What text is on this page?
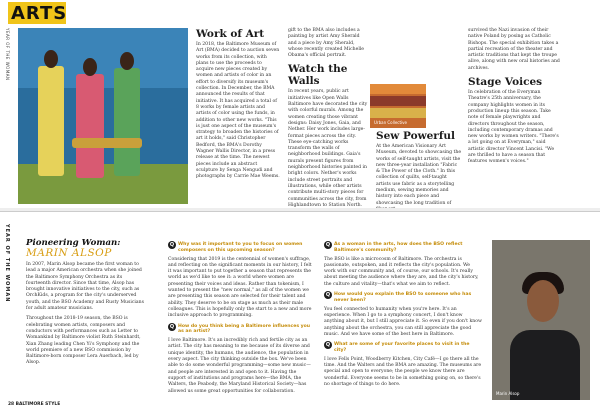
YEAR OF THE WOMAN
ARTS
Work of Art
In 2018, the Baltimore Museum of Art (BMA) decided to auction seven works from its collection, with plans to use the proceeds to acquire new pieces created by women and artists of color in an effort to diversify its museum's collection. In December, the BMA announced the results of that initiative. It has acquired a total of 8 works by female artists and artists of color using the funds, in addition to other new works. "This is just one aspect of the museum's strategy to broaden the histories of art it holds," said Christopher Bedford, the BMA's Dorothy Wagner Wallis Director, in a press release at the time. The newest pieces include an abstract sculpture by Senga Nengudi and photographs by Carrie Mae Weems.
gift to the BMA also includes a painting by artist Amy Sherald and a piece by Amy Sherald, whose recently created Michelle Obama's official portrait.
Watch the Walls
In recent years, public art initiatives like Open Walls Baltimore have decorated the city with colorful murals. Among the women creating those vibrant designs: Daisy Jones, Gaia, and Nether. Her work includes large-format pieces across the city. These eye-catching works transform the walls of neighborhood buildings. Gaia's murals present figures from neighborhood histories painted in bright colors. Nether's works include street portraits and illustrations, while other artists contribute multi-story pieces for communities across the city, from Highlandtown to Station North.
Urban Collective
Sew Powerful
At the American Visionary Art Museum, devoted to showcasing the works of self-taught artists, visit the new three-year installation "Fabric & The Power of the Cloth." In this collection of quilts, self-taught artists use fabric as a storytelling medium, sewing memories and history into each piece and showcasing the long tradition of
survived the Nazi invasion of their native Poland by posing as Catholic Bishops. The special exhibition takes a partial recreation of the theater and artistic traditions that kept the troupe alive, along with new oral histories and archives.
Stage Voices
In celebration of the Everyman Theatre's 25th anniversary, the company highlights women in its production lineup this season. Take note of female playwrights and directors throughout the season, including contemporary dramas and new works by women writers. "There's a lot going on at Everyman," said artistic director Vincent Lancisi. "We are thrilled to have a season that features women's voices."
YEAR OF THE WOMAN Pioneering Woman:
MARIN ALSOP
In 2007, Marin Alsop became the first woman to lead a major American orchestra when she joined the Baltimore Symphony Orchestra as its fourteenth director. Since that time, Alsop has brought innovative initiatives to the city, such as OrchKids, a program for the city's underserved youth, and the BSO Academy and Rusty Musicians for adult amateur musicians.
Throughout the 2018-19 season, the BSO is celebrating women artists, composers and conductors with performances such as Letter to Womankind by Baltimore violist Ruth Steinhardt, Xian Zhang leading Chen Yi's Symphony and the world premiere of a new BSO commission by Baltimore-born composer Lera Auerbach, led by Alsop.
Q Why was it important to you to focus on women composers on this upcoming season?
Considering that 2019 is the centennial of women's suffrage, and reflecting on the significant moments in our history, I felt it was important to put together a season that represents the world as we'd like to see it: a world where women are presenting their voices and ideas. Rather than tokenism, I wanted to present the "new normal," as all of the women we are presenting this season are selected for their talent and ability. They deserve to be on stage as much as their male colleagues. This is hopefully only the start to a new and more inclusive approach to programming.
Q How do you think being a Baltimore influences you as an artist?
I love Baltimore. It's an incredibly rich and fertile city as an artist. The city has meaning to me because of its diverse and unique identity, the humans, the audience, the population in every aspect. The city thinking outside the box. We've been able to do some wonderful programming—some new music—and people are interested in and open to it. Having the support of institutions and programs here—the BMA, the Walters, the Peabody, the Maryland Historical Society—has allowed us some great opportunities for collaboration.
Q As a woman in the arts, how does the BSO reflect Baltimore's community?
The BSO is like a microcosm of Baltimore. The orchestra is passionate, outspoken, and it reflects the city's population. We work with our community and, of course, our schools. It's really about meeting the audience where they are, and the city's history, the culture and vitality—that's what we aim to reflect.
Q How would you explain the BSO to someone who has never been?
You feel connected to humanity when you're here. It's an experience. When I go to a symphony concert, I don't know anything about it, but I still appreciate it. So even if you don't know anything about the orchestra, you can still appreciate the good music. And we have some of the best here in Baltimore.
Q What are some of your favorite places to visit in the city?
I love Fells Point, Woodberry Kitchen, City Café—I go there all the time. And the Walters and the BMA are amazing. The museums are special and open to everyone; the people we know there are wonderful. Everyone seems to be in something going on, so there's no shortage of things to do here.
Marin Alsop
28 BALTIMORE STYLE
